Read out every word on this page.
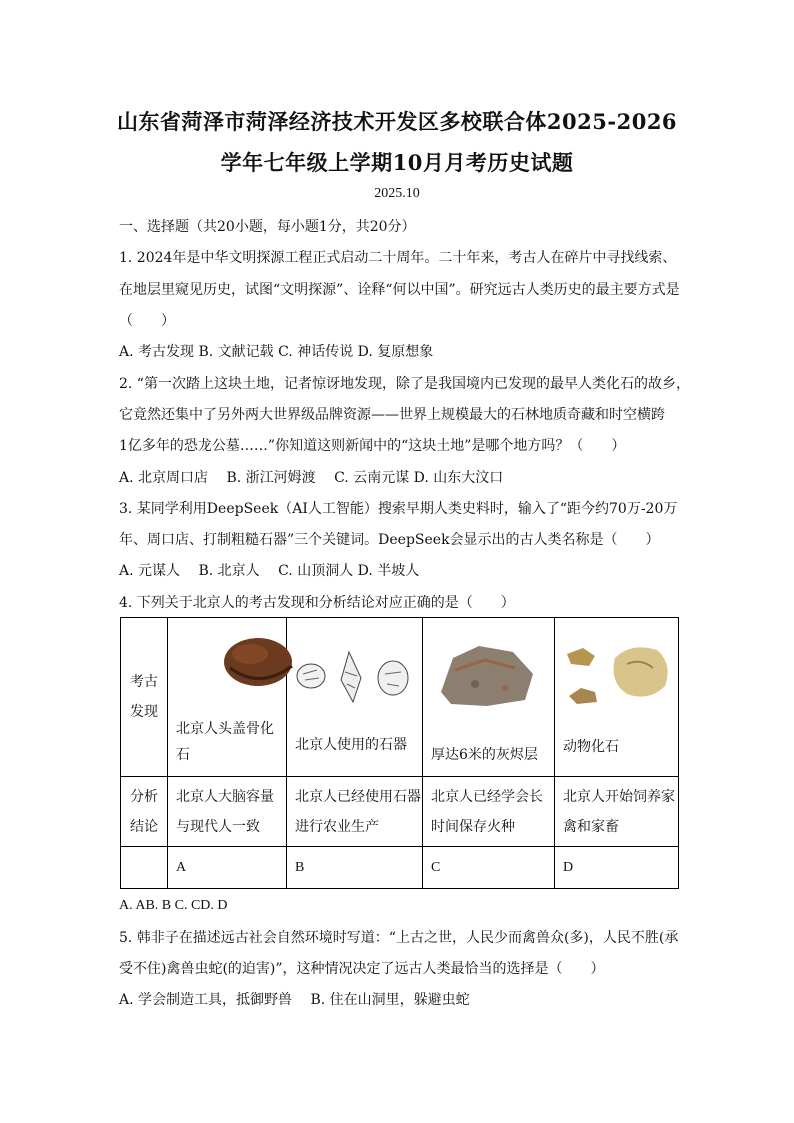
山东省菏泽市菏泽经济技术开发区多校联合体2025-2026
学年七年级上学期10月月考历史试题
2025.10
一、选择题（共20小题，每小题1分，共20分）
1. 2024年是中华文明探源工程正式启动二十周年。二十年来，考古人在碎片中寻找线索、
在地层里窥见历史，试图“文明探源”、诠释“何以中国”。研究远古人类历史的最主要方式是
（　　）
A. 考古发现 B. 文献记载 C. 神话传说 D. 复原想象
2. “第一次踏上这块土地，记者惊讶地发现，除了是我国境内已发现的最早人类化石的故乡，
它竟然还集中了另外两大世界级品牌资源——世界上规模最大的石林地质奇藏和时空横跨
1亿多年的恐龙公墓……”你知道这则新闻中的“这块土地”是哪个地方吗？（　　）
A. 北京周口店　 B. 浙江河姆渡　 C. 云南元谋 D. 山东大汶口
3. 某同学利用DeepSeek（AI人工智能）搜索早期人类史料时，输入了“距今约70万-20万
年、周口店、打制粗糙石器”三个关键词。DeepSeek会显示出的古人类名称是（　　）
A. 元谋人　 B. 北京人　 C. 山顶洞人 D. 半坡人
4. 下列关于北京人的考古发现和分析结论对应正确的是（　　）
考古发现	北京人头盖骨化石	北京人使用的石器	厚达6米的灰烬层	动物化石

分析结论	北京人大脑容量与现代人一致	北京人已经使用石器进行农业生产	北京人已经学会长时间保存火种	北京人开始饲养家禽和家畜
	A	B	C	D
A. AB. B C. CD. D
5. 韩非子在描述远古社会自然环境时写道：“上古之世，人民少而禽兽众(多)，人民不胜(承
受不住)禽兽虫蛇(的迫害)”，这种情况决定了远古人类最恰当的选择是（　　）
A. 学会制造工具，抵御野兽　 B. 住在山洞里，躲避虫蛇
